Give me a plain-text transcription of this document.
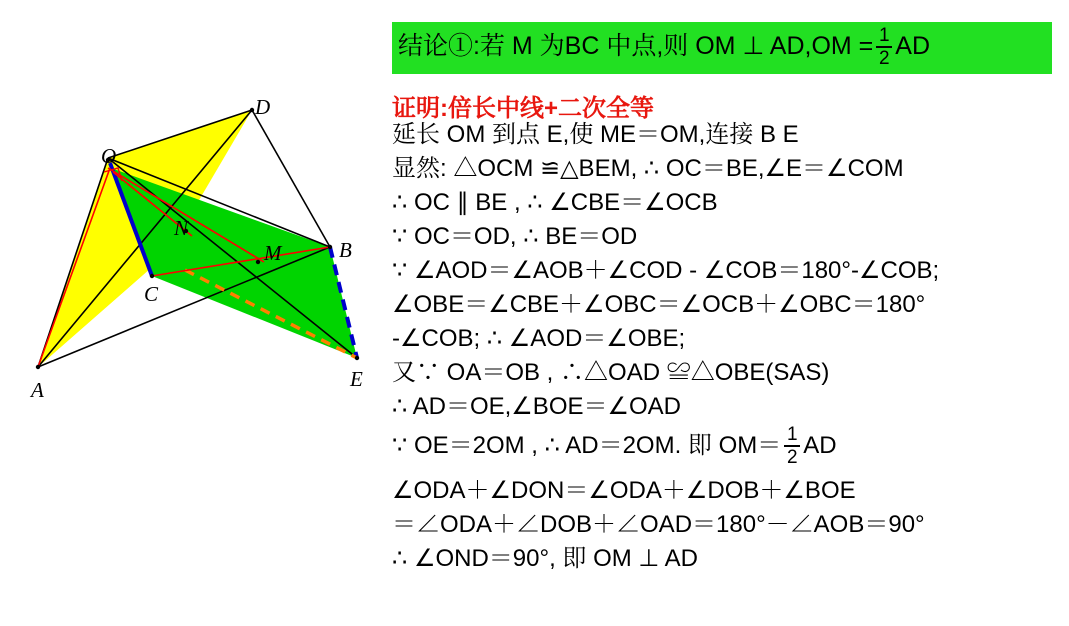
O
D
N
C
M	B
A	E
结论①:若 M 为BC 中点,则 OM ⊥ $AD,OM = \frac{1}{2}$ AD
证明:倍长中线+二次全等
延长 OM 到点 E,使 ME＝OM,连接 B E
显然: △OCM ≌△BEM, ∴ OC＝BE,∠E＝∠COM
∴ OC ∥ BE , ∴ ∠CBE＝∠OCB
∵ OC＝OD, ∴ BE＝OD
∵ ∠AOD＝∠AOB＋∠COD - ∠COB＝180°-∠COB;
∠OBE＝∠CBE＋∠OBC＝∠OCB＋∠OBC＝180°
-∠COB; ∴ ∠AOD＝∠OBE;
又∵ OA＝OB , ∴△OAD ≌△OBE(SAS)
∴ AD＝OE,∠BOE＝∠OAD
∵ OE＝2OM , ∴ AD＝2OM. 即 $OM= \frac{1}{2}$ AD
∠ODA＋∠DON＝∠ODA＋∠DOB＋∠BOE
＝∠ODA＋∠DOB＋∠OAD＝180°－∠AOB＝90°
∴ ∠OND＝90°, 即 OM ⊥ AD
